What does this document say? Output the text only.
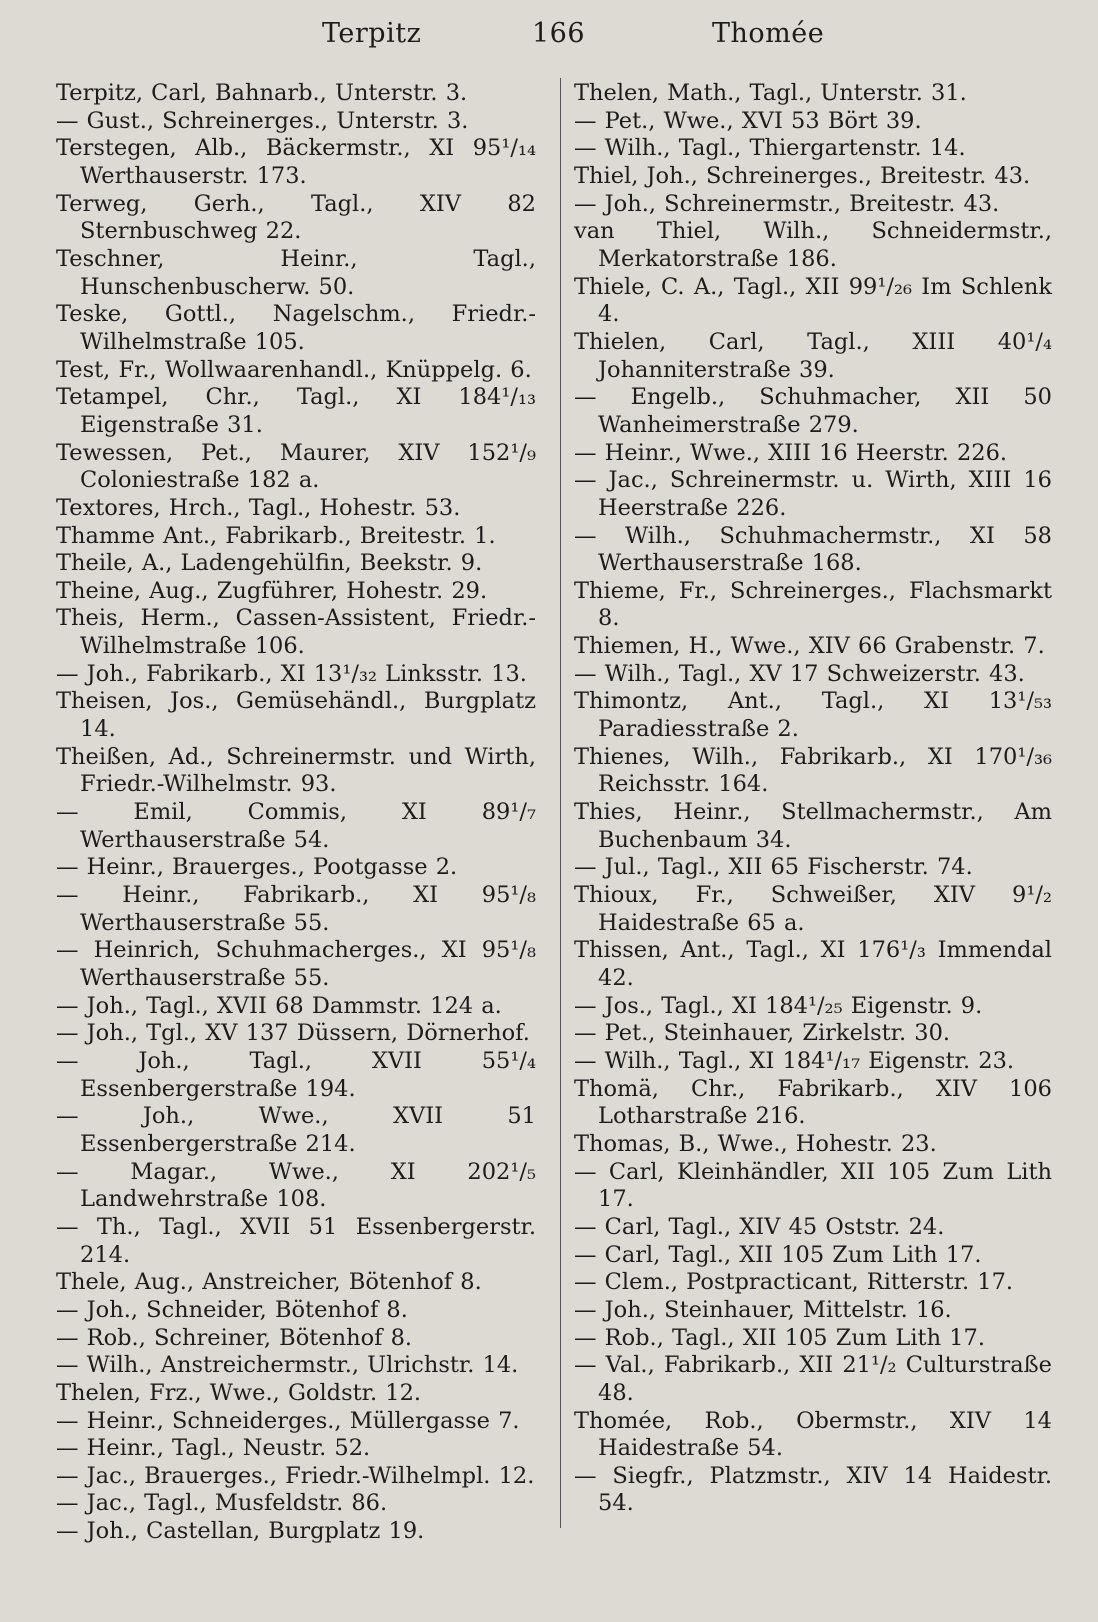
Terpitz	166	Thomée
Terpitz, Carl, Bahnarb., Unterstr. 3.
— Gust., Schreinerges., Unterstr. 3.
Terstegen, Alb., Bäckermstr., XI 95¹/₁₄ Werthauserstr. 173.
Terweg, Gerh., Tagl., XIV 82 Sternbuschweg 22.
Teschner, Heinr., Tagl., Hunschenbuscherw. 50.
Teske, Gottl., Nagelschm., Friedr.-Wilhelmstraße 105.
Test, Fr., Wollwaarenhandl., Knüppelg. 6.
Tetampel, Chr., Tagl., XI 184¹/₁₃ Eigenstraße 31.
Tewessen, Pet., Maurer, XIV 152¹/₉ Coloniestraße 182 a.
Textores, Hrch., Tagl., Hohestr. 53.
Thamme Ant., Fabrikarb., Breitestr. 1.
Theile, A., Ladengehülfin, Beekstr. 9.
Theine, Aug., Zugführer, Hohestr. 29.
Theis, Herm., Cassen-Assistent, Friedr.-Wilhelmstraße 106.
— Joh., Fabrikarb., XI 13¹/₃₂ Linksstr. 13.
Theisen, Jos., Gemüsehändl., Burgplatz 14.
Theißen, Ad., Schreinermstr. und Wirth, Friedr.-Wilhelmstr. 93.
— Emil, Commis, XI 89¹/₇ Werthauserstraße 54.
— Heinr., Brauerges., Pootgasse 2.
— Heinr., Fabrikarb., XI 95¹/₈ Werthauserstraße 55.
— Heinrich, Schuhmacherges., XI 95¹/₈ Werthauserstraße 55.
— Joh., Tagl., XVII 68 Dammstr. 124 a.
— Joh., Tgl., XV 137 Düssern, Dörnerhof.
— Joh., Tagl., XVII 55¹/₄ Essenbergerstraße 194.
— Joh., Wwe., XVII 51 Essenbergerstraße 214.
— Magar., Wwe., XI 202¹/₅ Landwehrstraße 108.
— Th., Tagl., XVII 51 Essenbergerstr. 214.
Thele, Aug., Anstreicher, Bötenhof 8.
— Joh., Schneider, Bötenhof 8.
— Rob., Schreiner, Bötenhof 8.
— Wilh., Anstreichermstr., Ulrichstr. 14.
Thelen, Frz., Wwe., Goldstr. 12.
— Heinr., Schneiderges., Müllergasse 7.
— Heinr., Tagl., Neustr. 52.
— Jac., Brauerges., Friedr.-Wilhelmpl. 12.
— Jac., Tagl., Musfeldstr. 86.
— Joh., Castellan, Burgplatz 19.
Thelen, Math., Tagl., Unterstr. 31.
— Pet., Wwe., XVI 53 Bört 39.
— Wilh., Tagl., Thiergartenstr. 14.
Thiel, Joh., Schreinerges., Breitestr. 43.
— Joh., Schreinermstr., Breitestr. 43.
van Thiel, Wilh., Schneidermstr., Merkatorstraße 186.
Thiele, C. A., Tagl., XII 99¹/₂₆ Im Schlenk 4.
Thielen, Carl, Tagl., XIII 40¹/₄ Johanniterstraße 39.
— Engelb., Schuhmacher, XII 50 Wanheimerstraße 279.
— Heinr., Wwe., XIII 16 Heerstr. 226.
— Jac., Schreinermstr. u. Wirth, XIII 16 Heerstraße 226.
— Wilh., Schuhmachermstr., XI 58 Werthauserstraße 168.
Thieme, Fr., Schreinerges., Flachsmarkt 8.
Thiemen, H., Wwe., XIV 66 Grabenstr. 7.
— Wilh., Tagl., XV 17 Schweizerstr. 43.
Thimontz, Ant., Tagl., XI 13¹/₅₃ Paradiesstraße 2.
Thienes, Wilh., Fabrikarb., XI 170¹/₃₆ Reichsstr. 164.
Thies, Heinr., Stellmachermstr., Am Buchenbaum 34.
— Jul., Tagl., XII 65 Fischerstr. 74.
Thioux, Fr., Schweißer, XIV 9¹/₂ Haidestraße 65 a.
Thissen, Ant., Tagl., XI 176¹/₃ Immendal 42.
— Jos., Tagl., XI 184¹/₂₅ Eigenstr. 9.
— Pet., Steinhauer, Zirkelstr. 30.
— Wilh., Tagl., XI 184¹/₁₇ Eigenstr. 23.
Thomä, Chr., Fabrikarb., XIV 106 Lotharstraße 216.
Thomas, B., Wwe., Hohestr. 23.
— Carl, Kleinhändler, XII 105 Zum Lith 17.
— Carl, Tagl., XIV 45 Oststr. 24.
— Carl, Tagl., XII 105 Zum Lith 17.
— Clem., Postpracticant, Ritterstr. 17.
— Joh., Steinhauer, Mittelstr. 16.
— Rob., Tagl., XII 105 Zum Lith 17.
— Val., Fabrikarb., XII 21¹/₂ Culturstraße 48.
Thomée, Rob., Obermstr., XIV 14 Haidestraße 54.
— Siegfr., Platzmstr., XIV 14 Haidestr. 54.
